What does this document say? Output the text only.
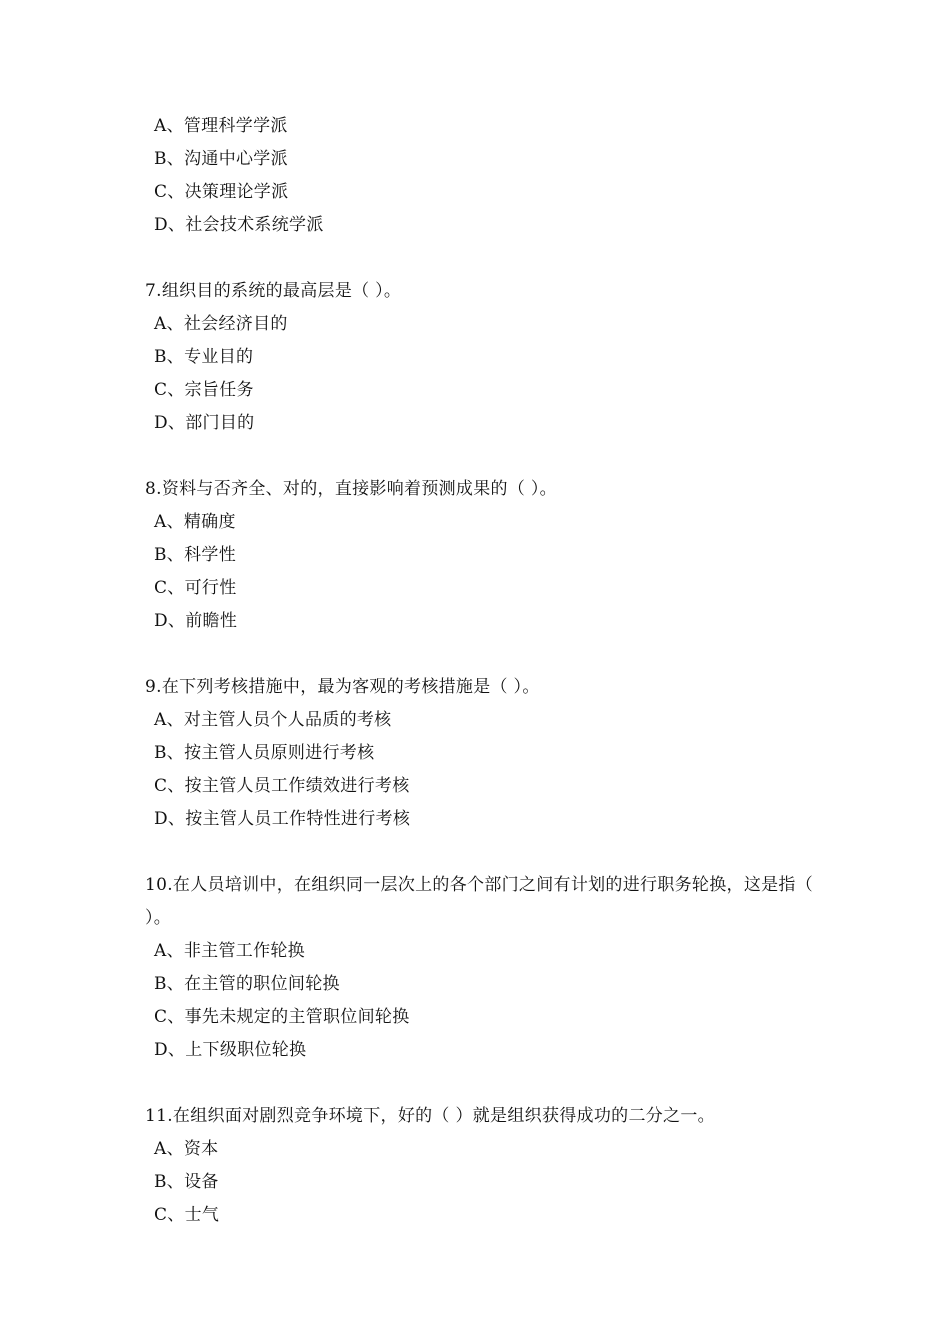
A、管理科学学派
B、沟通中心学派
C、决策理论学派
D、社会技术系统学派
7.组织目的系统的最高层是（ ）。
A、社会经济目的
B、专业目的
C、宗旨任务
D、部门目的
8.资料与否齐全、对的，直接影响着预测成果的（ ）。
A、精确度
B、科学性
C、可行性
D、前瞻性
9.在下列考核措施中，最为客观的考核措施是（ ）。
A、对主管人员个人品质的考核
B、按主管人员原则进行考核
C、按主管人员工作绩效进行考核
D、按主管人员工作特性进行考核
10.在人员培训中，在组织同一层次上的各个部门之间有计划的进行职务轮换，这是指（ ）。
A、非主管工作轮换
B、在主管的职位间轮换
C、事先未规定的主管职位间轮换
D、上下级职位轮换
11.在组织面对剧烈竞争环境下，好的（ ）就是组织获得成功的二分之一。
A、资本
B、设备
C、士气
